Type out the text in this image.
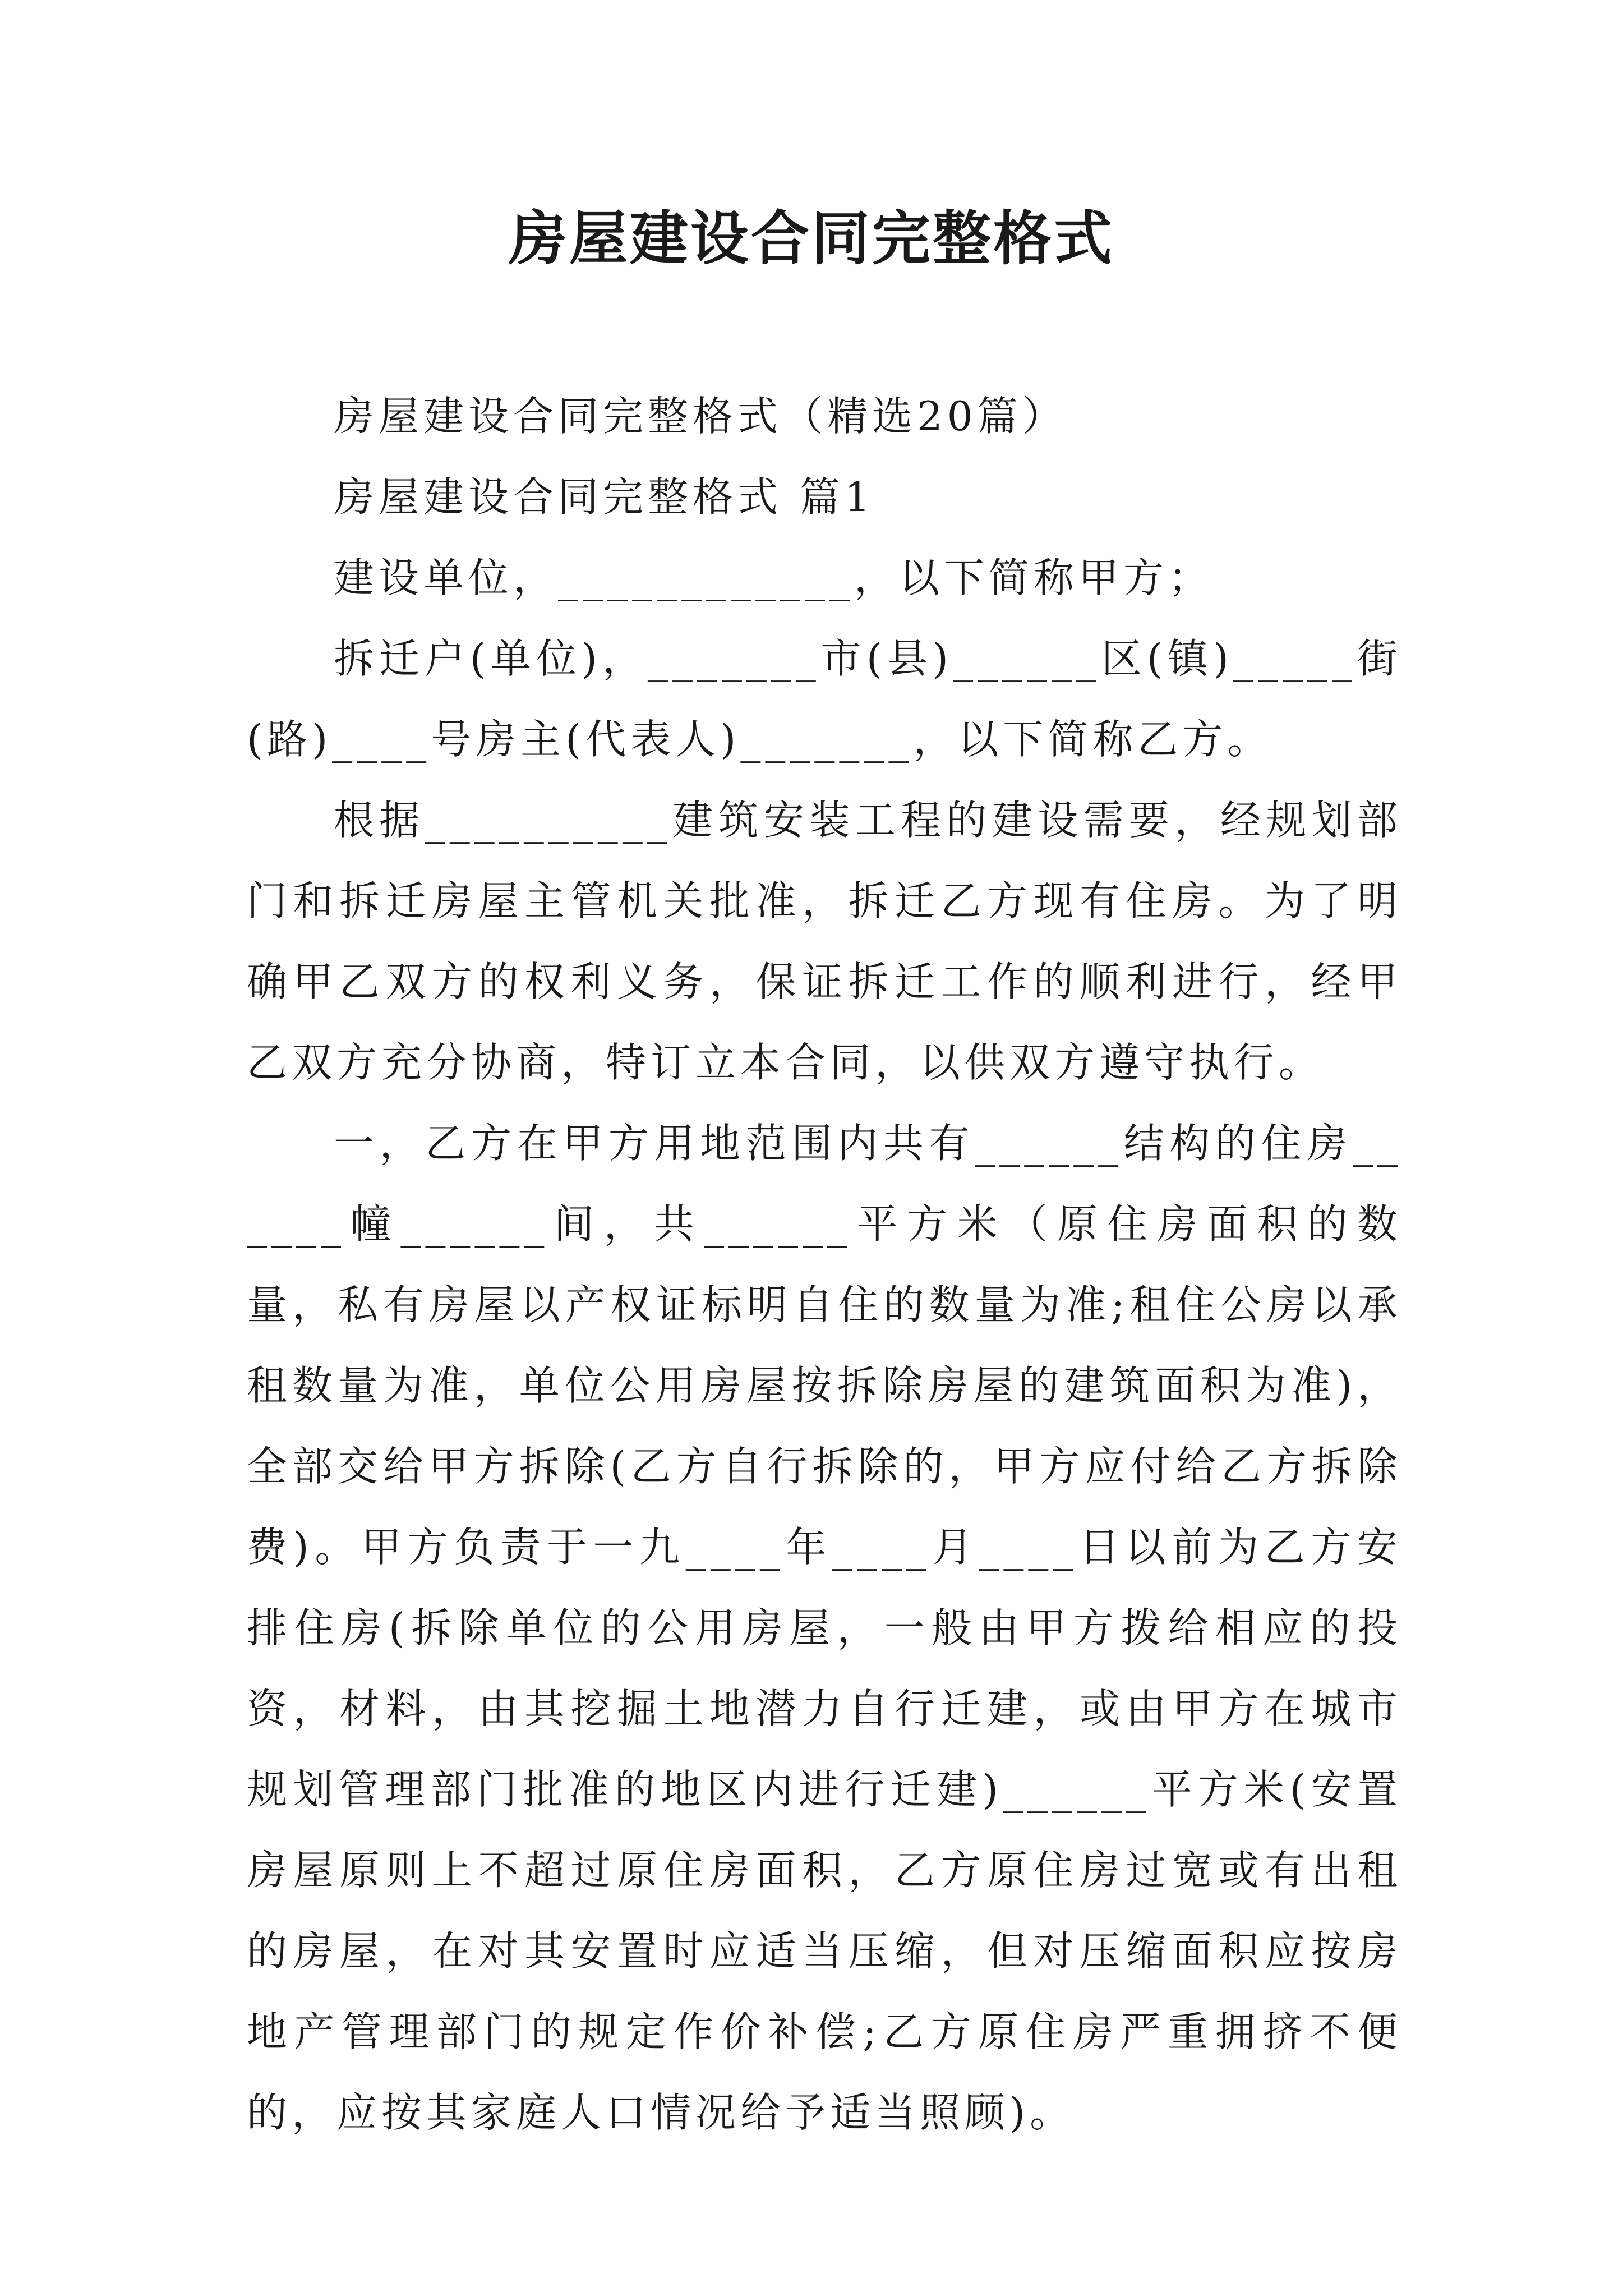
房屋建设合同完整格式

房屋建设合同完整格式（精选20篇）

房屋建设合同完整格式 篇1

建设单位，____________，以下简称甲方；

拆迁户(单位)，_______市(县)______区(镇)_____街(路)____号房主(代表人)_______，以下简称乙方。

根据__________建筑安装工程的建设需要，经规划部门和拆迁房屋主管机关批准，拆迁乙方现有住房。为了明确甲乙双方的权利义务，保证拆迁工作的顺利进行，经甲乙双方充分协商，特订立本合同，以供双方遵守执行。

一，乙方在甲方用地范围内共有______结构的住房______幢______间，共______平方米（原住房面积的数量，私有房屋以产权证标明自住的数量为准;租住公房以承租数量为准，单位公用房屋按拆除房屋的建筑面积为准)，全部交给甲方拆除(乙方自行拆除的，甲方应付给乙方拆除费)。甲方负责于一九____年____月____日以前为乙方安排住房(拆除单位的公用房屋，一般由甲方拨给相应的投资，材料，由其挖掘土地潜力自行迁建，或由甲方在城市规划管理部门批准的地区内进行迁建)______平方米(安置房屋原则上不超过原住房面积，乙方原住房过宽或有出租的房屋，在对其安置时应适当压缩，但对压缩面积应按房地产管理部门的规定作价补偿;乙方原住房严重拥挤不便的，应按其家庭人口情况给予适当照顾)。
